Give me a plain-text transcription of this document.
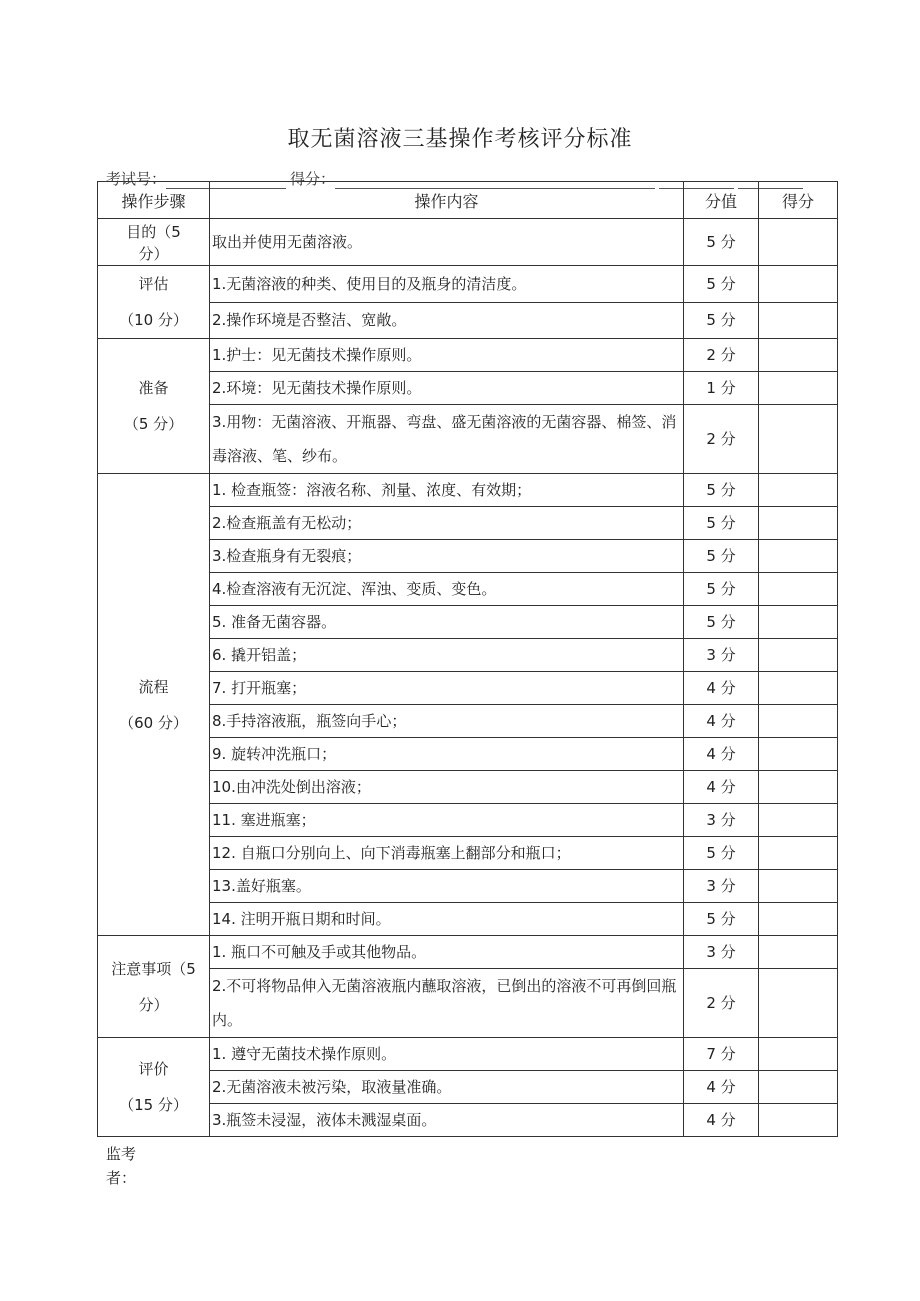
取无菌溶液三基操作考核评分标准
考试号：	得分：
操作步骤	操作内容	分值	得分

目的（5
分）	取出并使用无菌溶液。	5 分	

评估
（10 分）	1.无菌溶液的种类、使用目的及瓶身的清洁度。	5 分	
	2.操作环境是否整洁、宽敞。	5 分	

准备
（5 分）	1.护士：见无菌技术操作原则。	2 分	
	2.环境：见无菌技术操作原则。	1 分	
	3.用物：无菌溶液、开瓶器、弯盘、盛无菌溶液的无菌容器、棉签、消毒溶液、笔、纱布。	2 分	

流程
（60 分）	1. 检查瓶签：溶液名称、剂量、浓度、有效期；	5 分	
	2.检查瓶盖有无松动；	5 分	
	3.检查瓶身有无裂痕；	5 分	
	4.检查溶液有无沉淀、浑浊、变质、变色。	5 分	
	5. 准备无菌容器。	5 分	
	6. 撬开铝盖；	3 分	
	7. 打开瓶塞；	4 分	
	8.手持溶液瓶，瓶签向手心；	4 分	
	9. 旋转冲洗瓶口；	4 分	
	10.由冲洗处倒出溶液；	4 分	
	11. 塞进瓶塞；	3 分	
	12. 自瓶口分别向上、向下消毒瓶塞上翻部分和瓶口；	5 分	
	13.盖好瓶塞。	3 分	
	14. 注明开瓶日期和时间。	5 分	

注意事项（5
分）	1. 瓶口不可触及手或其他物品。	3 分	
	2.不可将物品伸入无菌溶液瓶内蘸取溶液，已倒出的溶液不可再倒回瓶内。	2 分	

评价
（15 分）	1. 遵守无菌技术操作原则。	7 分	
	2.无菌溶液未被污染，取液量准确。	4 分	
	3.瓶签未浸湿，液体未溅湿桌面。	4 分	
监考者：
